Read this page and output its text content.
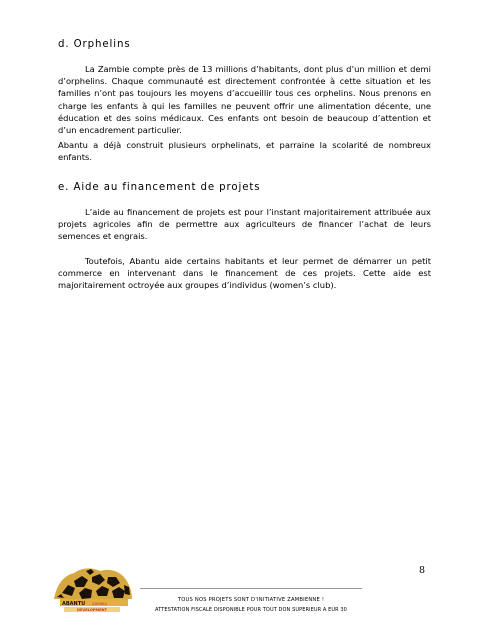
d. Orphelins

La Zambie compte près de 13 millions d’habitants, dont plus d’un million et demi d’orphelins. Chaque communauté est directement confrontée à cette situation et les familles n’ont pas toujours les moyens d’accueillir tous ces orphelins. Nous prenons en charge les enfants à qui les familles ne peuvent offrir une alimentation décente, une éducation et des soins médicaux. Ces enfants ont besoin de beaucoup d’attention et d’un encadrement particulier.

Abantu a déjà construit plusieurs orphelinats, et parraine la scolarité de nombreux enfants.

e. Aide au financement de projets

L’aide au financement de projets est pour l’instant majoritairement attribuée aux projets agricoles afin de permettre aux agriculteurs de financer l’achat de leurs semences et engrais.

Toutefois, Abantu aide certains habitants et leur permet de démarrer un petit commerce en intervenant dans le financement de ces projets. Cette aide est majoritairement octroyée aux groupes d’individus (women’s club).

8
ABANTU ZAMBIA
DEVELOPMENT
TOUS NOS PROJETS SONT D’INITIATIVE ZAMBIENNE !
ATTESTATION FISCALE DISPONIBLE POUR TOUT DON SUPERIEUR A EUR 30
